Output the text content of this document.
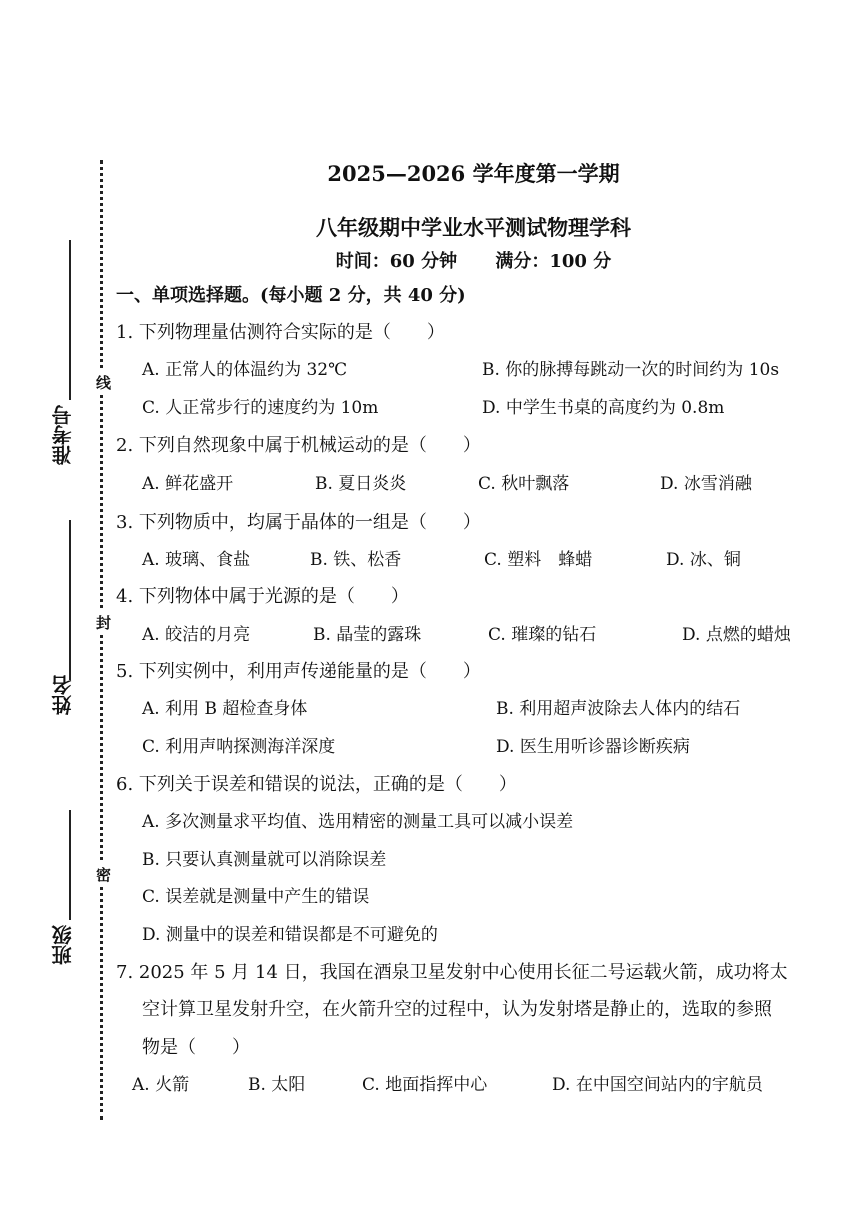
线
封
密
准考号
姓名
班级
2025—2026 学年度第一学期
八年级期中学业水平测试物理学科
时间：60 分钟 满分：100 分
一、单项选择题。(每小题 2 分，共 40 分)
1. 下列物理量估测符合实际的是（　　）
A. 正常人的体温约为 32℃	B. 你的脉搏每跳动一次的时间约为 10s
C. 人正常步行的速度约为 10m	D. 中学生书桌的高度约为 0.8m
2. 下列自然现象中属于机械运动的是（　　）
A. 鲜花盛开	B. 夏日炎炎	C. 秋叶飘落	D. 冰雪消融
3. 下列物质中，均属于晶体的一组是（　　）
A. 玻璃、食盐	B. 铁、松香	C. 塑料　蜂蜡	D. 冰、铜
4. 下列物体中属于光源的是（　　）
A. 皎洁的月亮	B. 晶莹的露珠	C. 璀璨的钻石	D. 点燃的蜡烛
5. 下列实例中，利用声传递能量的是（　　）
A. 利用 B 超检查身体	B. 利用超声波除去人体内的结石
C. 利用声呐探测海洋深度	D. 医生用听诊器诊断疾病
6. 下列关于误差和错误的说法，正确的是（　　）
A. 多次测量求平均值、选用精密的测量工具可以减小误差
B. 只要认真测量就可以消除误差
C. 误差就是测量中产生的错误
D. 测量中的误差和错误都是不可避免的
7. 2025 年 5 月 14 日，我国在酒泉卫星发射中心使用长征二号运载火箭，成功将太
空计算卫星发射升空，在火箭升空的过程中，认为发射塔是静止的，选取的参照
物是（　　）
A. 火箭	B. 太阳	C. 地面指挥中心	D. 在中国空间站内的宇航员
